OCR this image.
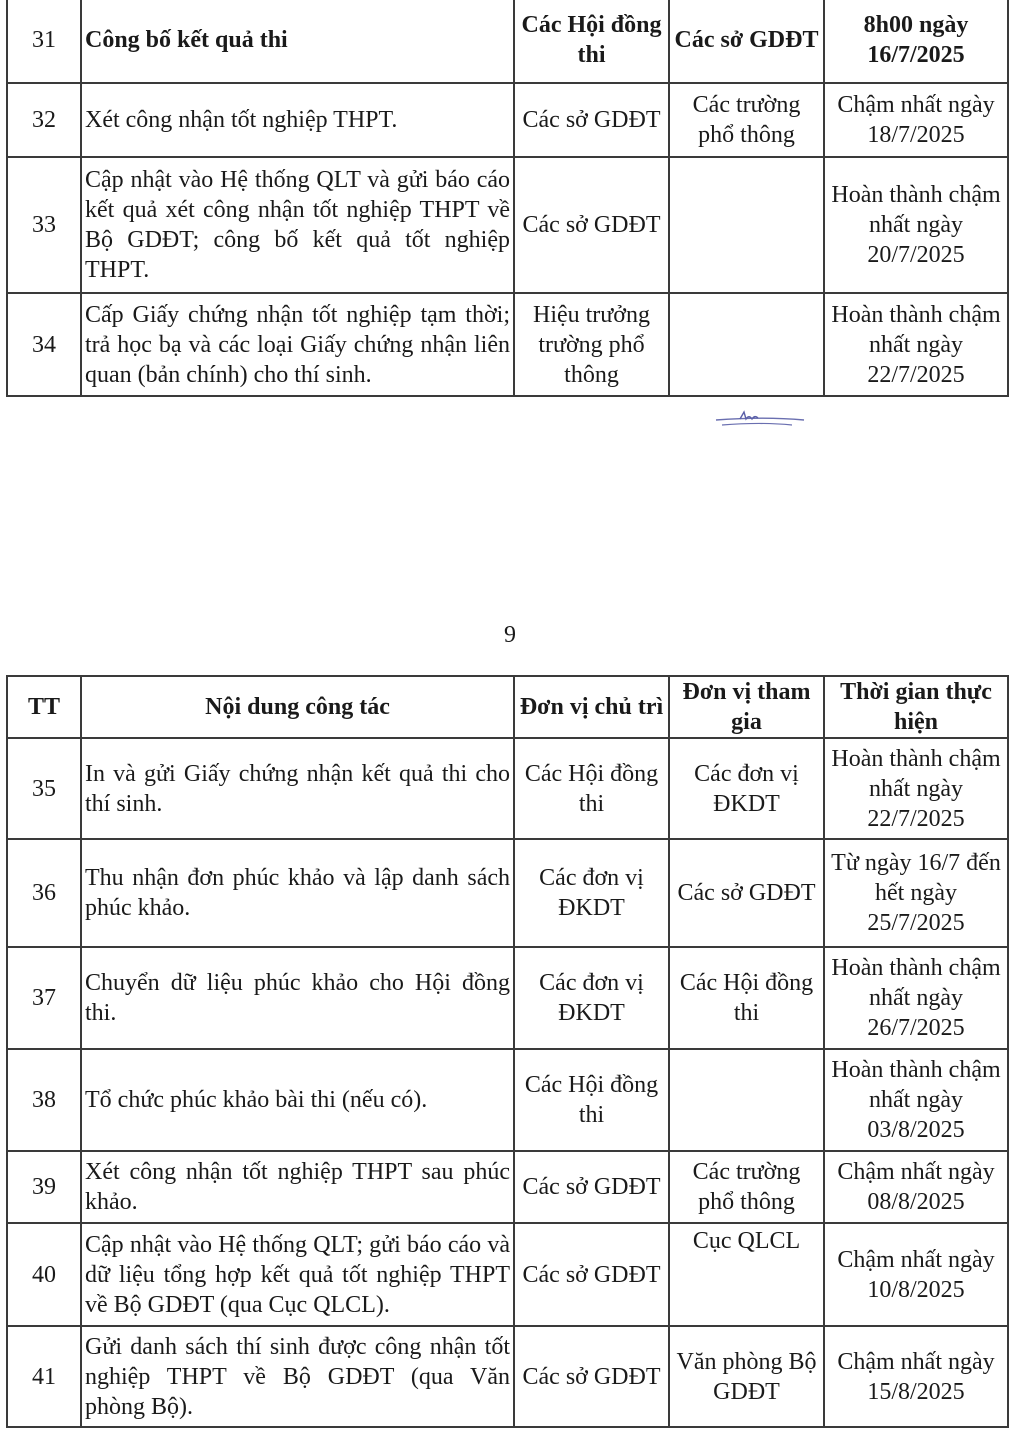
31	Công bố kết quả thi	Các Hội đồng thi	Các sở GDĐT	8h00 ngày 16/7/2025
32	Xét công nhận tốt nghiệp THPT.	Các sở GDĐT	Các trường phổ thông	Chậm nhất ngày 18/7/2025
33	Cập nhật vào Hệ thống QLT và gửi báo cáo kết quả xét công nhận tốt nghiệp THPT về Bộ GDĐT; công bố kết quả tốt nghiệp THPT.	Các sở GDĐT		Hoàn thành chậm nhất ngày 20/7/2025
34	Cấp Giấy chứng nhận tốt nghiệp tạm thời; trả học bạ và các loại Giấy chứng nhận liên quan (bản chính) cho thí sinh.	Hiệu trưởng trường phổ thông		Hoàn thành chậm nhất ngày 22/7/2025
9
TT	Nội dung công tác	Đơn vị chủ trì	Đơn vị tham gia	Thời gian thực hiện
35	In và gửi Giấy chứng nhận kết quả thi cho thí sinh.	Các Hội đồng thi	Các đơn vị ĐKDT	Hoàn thành chậm nhất ngày 22/7/2025
36	Thu nhận đơn phúc khảo và lập danh sách phúc khảo.	Các đơn vị ĐKDT	Các sở GDĐT	Từ ngày 16/7 đến hết ngày 25/7/2025
37	Chuyển dữ liệu phúc khảo cho Hội đồng thi.	Các đơn vị ĐKDT	Các Hội đồng thi	Hoàn thành chậm nhất ngày 26/7/2025
38	Tổ chức phúc khảo bài thi (nếu có).	Các Hội đồng thi		Hoàn thành chậm nhất ngày 03/8/2025
39	Xét công nhận tốt nghiệp THPT sau phúc khảo.	Các sở GDĐT	Các trường phổ thông	Chậm nhất ngày 08/8/2025
40	Cập nhật vào Hệ thống QLT; gửi báo cáo và dữ liệu tổng hợp kết quả tốt nghiệp THPT về Bộ GDĐT (qua Cục QLCL).	Các sở GDĐT	Cục QLCL	Chậm nhất ngày 10/8/2025
41	Gửi danh sách thí sinh được công nhận tốt nghiệp THPT về Bộ GDĐT (qua Văn phòng Bộ).	Các sở GDĐT	Văn phòng Bộ GDĐT	Chậm nhất ngày 15/8/2025
